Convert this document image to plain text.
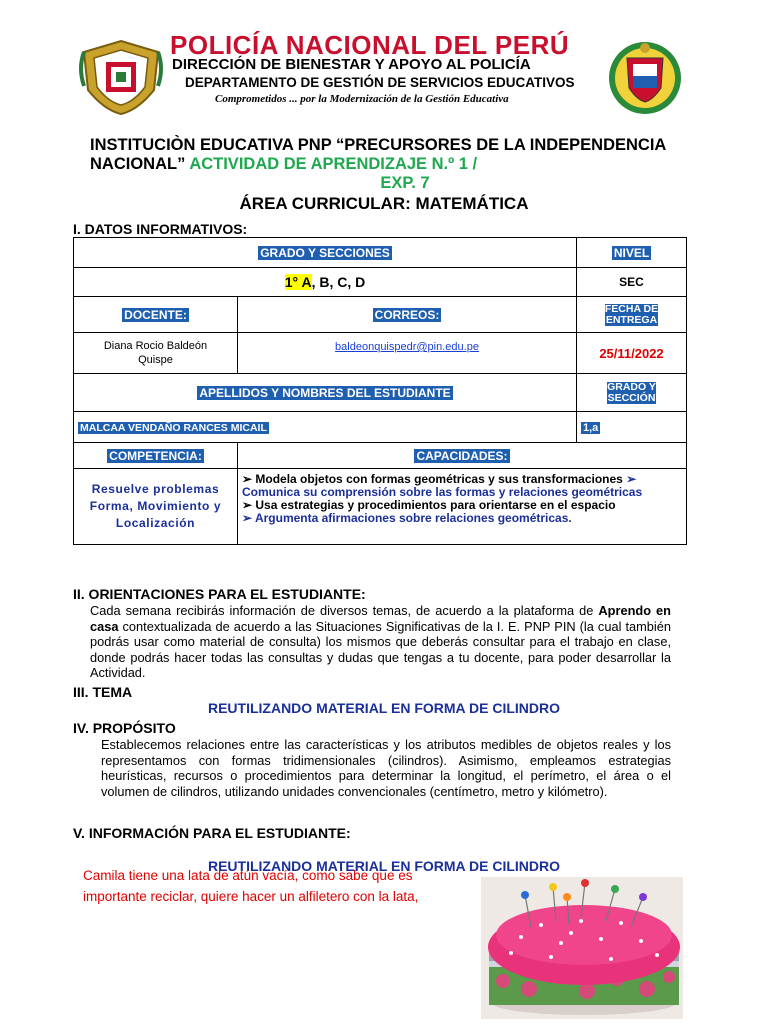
POLICÍA NACIONAL DEL PERÚ
DIRECCIÓN DE BIENESTAR Y APOYO AL POLICÍA
DEPARTAMENTO DE GESTIÓN DE SERVICIOS EDUCATIVOS
Comprometidos ... por la Modernización de la Gestión Educativa
INSTITUCIÒN EDUCATIVA PNP “PRECURSORES DE LA INDEPENDENCIA NACIONAL” ACTIVIDAD DE APRENDIZAJE N.º 1 /
EXP. 7
ÁREA CURRICULAR: MATEMÁTICA
I. DATOS INFORMATIVOS:
GRADO Y SECCIONES		NIVEL
1° A, B, C, D		SEC
DOCENTE:	CORREOS:	FECHA DE
ENTREGA
Diana Rocio Baldeón
Quispe	baldeonquispedr@pin.edu.pe	25/11/2022
APELLIDOS Y NOMBRES DEL ESTUDIANTE		GRADO Y
SECCIÓN
MALCAA VENDAÑO RANCES MICAIL		1,a
COMPETENCIA:	CAPACIDADES:	
Resuelve problemas Forma, Movimiento y Localización	➢ Modela objetos con formas geométricas y sus transformaciones ➢ Comunica su comprensión sobre las formas y relaciones geométricas
➢ Usa estrategias y procedimientos para orientarse en el espacio
➢ Argumenta afirmaciones sobre relaciones geométricas.	
II. ORIENTACIONES PARA EL ESTUDIANTE:
Cada semana recibirás información de diversos temas, de acuerdo a la plataforma de Aprendo en casa contextualizada de acuerdo a las Situaciones Significativas de la I. E. PNP PIN (la cual también podrás usar como material de consulta) los mismos que deberás consultar para el trabajo en clase, donde podrás hacer todas las consultas y dudas que tengas a tu docente, para poder desarrollar la Actividad.
III. TEMA
REUTILIZANDO MATERIAL EN FORMA DE CILINDRO
IV. PROPÓSITO
Establecemos relaciones entre las características y los atributos medibles de objetos reales y los representamos con formas tridimensionales (cilindros). Asimismo, empleamos estrategias heurísticas, recursos o procedimientos para determinar la longitud, el perímetro, el área o el volumen de cilindros, utilizando unidades convencionales (centímetro, metro y kilómetro).
V. INFORMACIÓN PARA EL ESTUDIANTE:
REUTILIZANDO MATERIAL EN FORMA DE CILINDRO
Camila tiene una lata de atún vacía, como sabe que es importante reciclar, quiere hacer un alfiletero con la lata,
